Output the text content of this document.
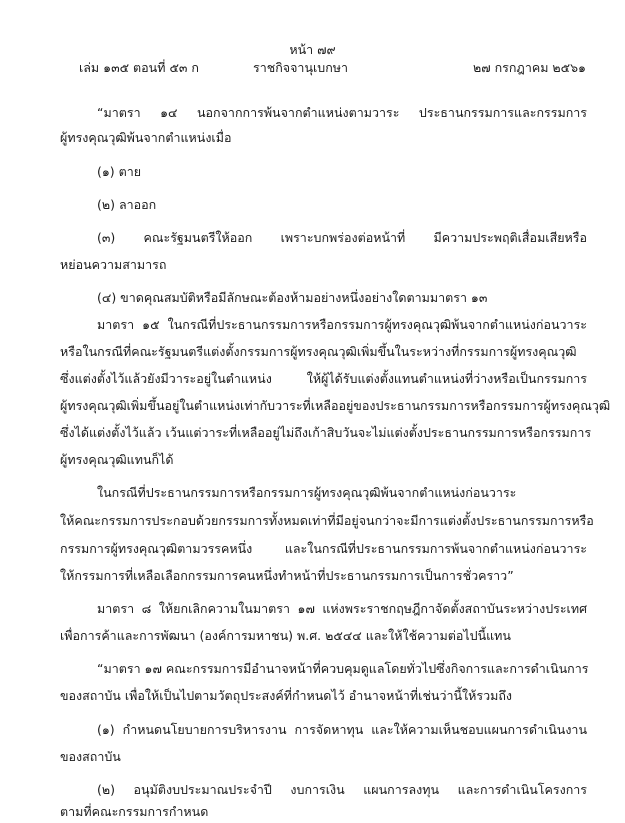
หน้า ๗๙
เล่ม ๑๓๕ ตอนที่ ๕๓ ก	ราชกิจจานุเบกษา	๒๗ กรกฎาคม ๒๕๖๑
“มาตรา ๑๔ นอกจากการพ้นจากตำแหน่งตามวาระ ประธานกรรมการและกรรมการ
ผู้ทรงคุณวุฒิพ้นจากตำแหน่งเมื่อ
(๑) ตาย
(๒) ลาออก
(๓) คณะรัฐมนตรีให้ออก เพราะบกพร่องต่อหน้าที่ มีความประพฤติเสื่อมเสียหรือ
หย่อนความสามารถ
(๔) ขาดคุณสมบัติหรือมีลักษณะต้องห้ามอย่างหนึ่งอย่างใดตามมาตรา ๑๓
มาตรา ๑๕ ในกรณีที่ประธานกรรมการหรือกรรมการผู้ทรงคุณวุฒิพ้นจากตำแหน่งก่อนวาระ
หรือในกรณีที่คณะรัฐมนตรีแต่งตั้งกรรมการผู้ทรงคุณวุฒิเพิ่มขึ้นในระหว่างที่กรรมการผู้ทรงคุณวุฒิ
ซึ่งแต่งตั้งไว้แล้วยังมีวาระอยู่ในตำแหน่ง ให้ผู้ได้รับแต่งตั้งแทนตำแหน่งที่ว่างหรือเป็นกรรมการ
ผู้ทรงคุณวุฒิเพิ่มขึ้นอยู่ในตำแหน่งเท่ากับวาระที่เหลืออยู่ของประธานกรรมการหรือกรรมการผู้ทรงคุณวุฒิ
ซึ่งได้แต่งตั้งไว้แล้ว เว้นแต่วาระที่เหลืออยู่ไม่ถึงเก้าสิบวันจะไม่แต่งตั้งประธานกรรมการหรือกรรมการ
ผู้ทรงคุณวุฒิแทนก็ได้
ในกรณีที่ประธานกรรมการหรือกรรมการผู้ทรงคุณวุฒิพ้นจากตำแหน่งก่อนวาระ
ให้คณะกรรมการประกอบด้วยกรรมการทั้งหมดเท่าที่มีอยู่จนกว่าจะมีการแต่งตั้งประธานกรรมการหรือ
กรรมการผู้ทรงคุณวุฒิตามวรรคหนึ่ง และในกรณีที่ประธานกรรมการพ้นจากตำแหน่งก่อนวาระ
ให้กรรมการที่เหลือเลือกกรรมการคนหนึ่งทำหน้าที่ประธานกรรมการเป็นการชั่วคราว”
มาตรา ๘ ให้ยกเลิกความในมาตรา ๑๗ แห่งพระราชกฤษฎีกาจัดตั้งสถาบันระหว่างประเทศ
เพื่อการค้าและการพัฒนา (องค์การมหาชน) พ.ศ. ๒๕๔๔ และให้ใช้ความต่อไปนี้แทน
“มาตรา ๑๗ คณะกรรมการมีอำนาจหน้าที่ควบคุมดูแลโดยทั่วไปซึ่งกิจการและการดำเนินการ
ของสถาบัน เพื่อให้เป็นไปตามวัตถุประสงค์ที่กำหนดไว้ อำนาจหน้าที่เช่นว่านี้ให้รวมถึง
(๑) กำหนดนโยบายการบริหารงาน การจัดหาทุน และให้ความเห็นชอบแผนการดำเนินงาน
ของสถาบัน
(๒) อนุมัติงบประมาณประจำปี งบการเงิน แผนการลงทุน และการดำเนินโครงการ
ตามที่คณะกรรมการกำหนด
